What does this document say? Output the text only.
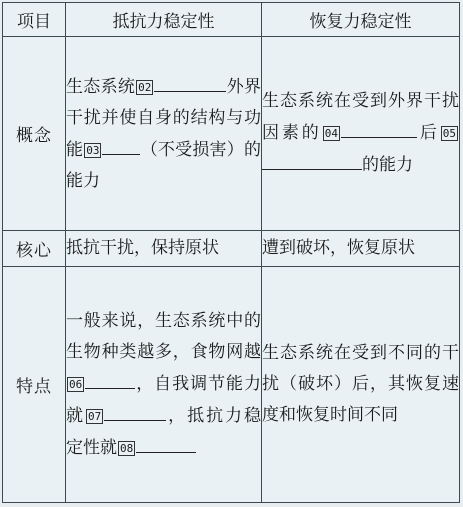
项目	抵抗力稳定性	恢复力稳定性
概念	生态系统 02 外界干扰并使自身的结构与功能 03 （不受损害）的能力	生态系统在受到外界干扰因素的 04 后 05的能力
核心	抵抗干扰，保持原状	遭到破坏，恢复原状
特点	一般来说，生态系统中的生物种类越多，食物网越06 ，自我调节能力就 07 ，抵抗力稳定性就 08	生态系统在受到不同的干扰（破坏）后，其恢复速度和恢复时间不同
